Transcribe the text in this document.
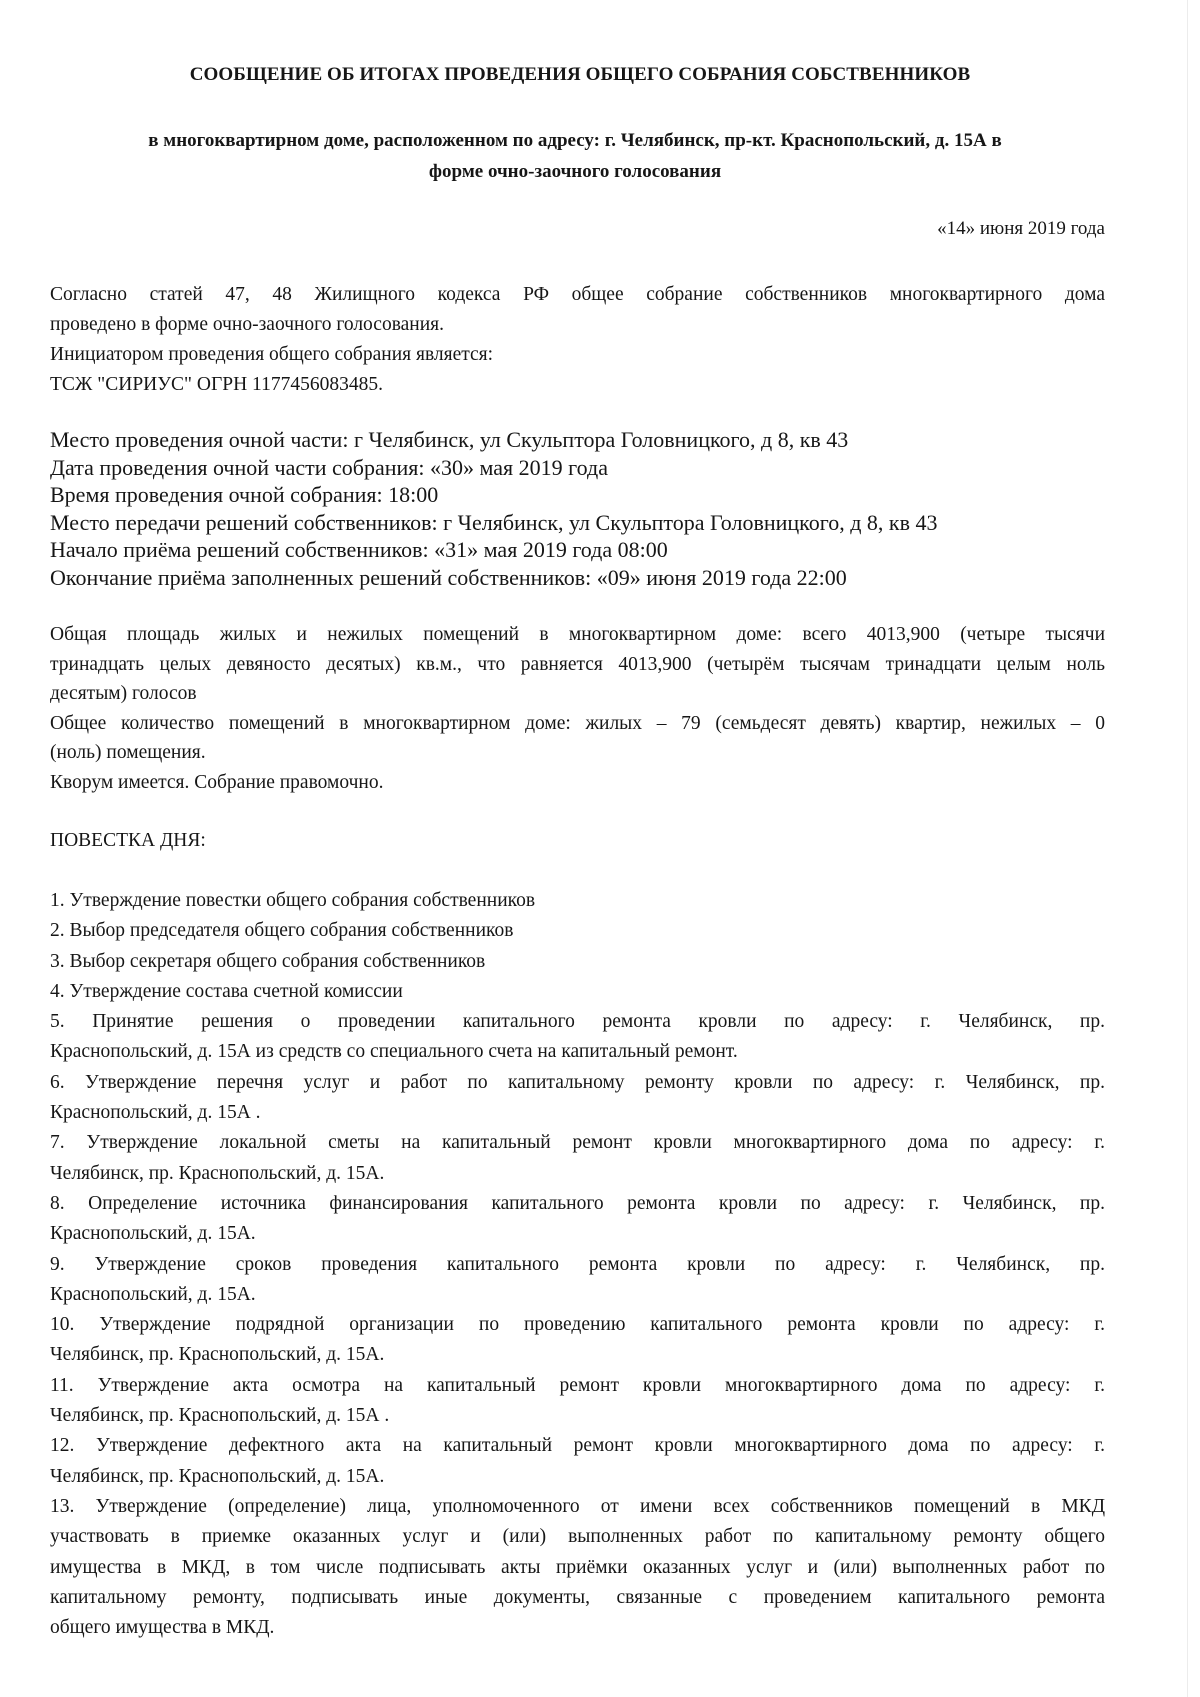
СООБЩЕНИЕ ОБ ИТОГАХ ПРОВЕДЕНИЯ ОБЩЕГО СОБРАНИЯ СОБСТВЕННИКОВ
в многоквартирном доме, расположенном по адресу: г. Челябинск, пр-кт. Краснопольский, д. 15А в
форме очно-заочного голосования
«14» июня 2019 года

Согласно статей 47, 48 Жилищного кодекса РФ общее собрание собственников многоквартирного дома

проведено в форме очно-заочного голосования.

Инициатором проведения общего собрания является:

ТСЖ "СИРИУС" ОГРН 1177456083485.

Место проведения очной части: г Челябинск, ул Скульптора Головницкого, д 8, кв 43
Дата проведения очной части собрания: «30» мая 2019 года
Время проведения очной собрания: 18:00
Место передачи решений собственников: г Челябинск, ул Скульптора Головницкого, д 8, кв 43
Начало приёма решений собственников: «31» мая 2019 года 08:00
Окончание приёма заполненных решений собственников: «09» июня 2019 года 22:00

Общая площадь жилых и нежилых помещений в многоквартирном доме: всего 4013,900 (четыре тысячи

тринадцать целых девяносто десятых) кв.м., что равняется 4013,900 (четырём тысячам тринадцати целым ноль

десятым) голосов

Общее количество помещений в многоквартирном доме: жилых – 79 (семьдесят девять) квартир, нежилых – 0

(ноль) помещения.

Кворум имеется. Собрание правомочно.

ПОВЕСТКА ДНЯ:

1. Утверждение повестки общего собрания собственников

2. Выбор председателя общего собрания собственников

3. Выбор секретаря общего собрания собственников

4. Утверждение состава счетной комиссии

5. Принятие решения о проведении капитального ремонта кровли по адресу: г. Челябинск, пр.

Краснопольский, д. 15А из средств со специального счета на капитальный ремонт.

6. Утверждение перечня услуг и работ по капитальному ремонту кровли по адресу: г. Челябинск, пр.

Краснопольский, д. 15А .

7. Утверждение локальной сметы на капитальный ремонт кровли многоквартирного дома по адресу: г.

Челябинск, пр. Краснопольский, д. 15А.

8. Определение источника финансирования капитального ремонта кровли по адресу: г. Челябинск, пр.

Краснопольский, д. 15А.

9. Утверждение сроков проведения капитального ремонта кровли по адресу: г. Челябинск, пр.

Краснопольский, д. 15А.

10. Утверждение подрядной организации по проведению капитального ремонта кровли по адресу: г.

Челябинск, пр. Краснопольский, д. 15А.

11. Утверждение акта осмотра на капитальный ремонт кровли многоквартирного дома по адресу: г.

Челябинск, пр. Краснопольский, д. 15А .

12. Утверждение дефектного акта на капитальный ремонт кровли многоквартирного дома по адресу: г.

Челябинск, пр. Краснопольский, д. 15А.

13. Утверждение (определение) лица, уполномоченного от имени всех собственников помещений в МКД

участвовать в приемке оказанных услуг и (или) выполненных работ по капитальному ремонту общего

имущества в МКД, в том числе подписывать акты приёмки оказанных услуг и (или) выполненных работ по

капитальному ремонту, подписывать иные документы, связанные с проведением капитального ремонта

общего имущества в МКД.
